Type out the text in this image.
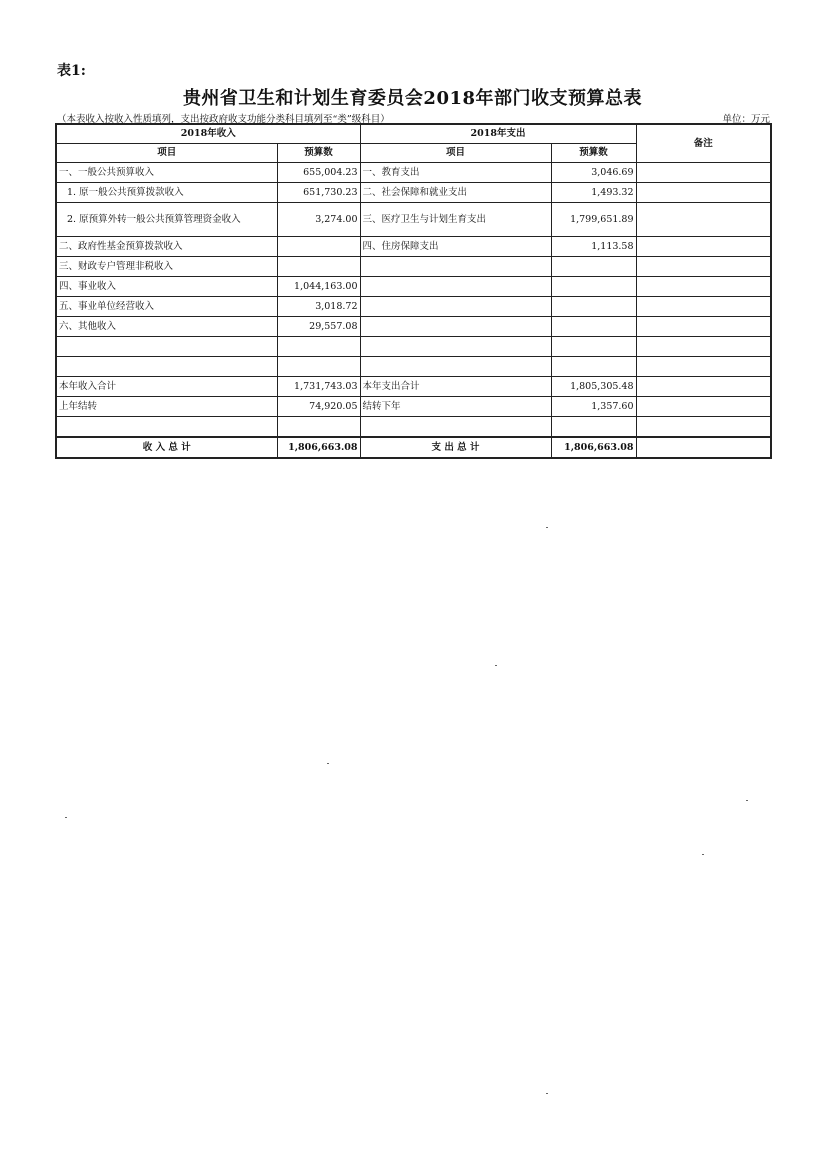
表1:
贵州省卫生和计划生育委员会2018年部门收支预算总表
（本表收入按收入性质填列，支出按政府收支功能分类科目填列至“类”级科目）	单位：万元
2018年收入		2018年支出		备注
项目	预算数	项目	预算数	
一、一般公共预算收入	655,004.23	一、教育支出	3,046.69	
1. 原一般公共预算拨款收入	651,730.23	二、社会保障和就业支出	1,493.32	
2. 原预算外转一般公共预算管理资金收入	3,274.00	三、医疗卫生与计划生育支出	1,799,651.89	
二、政府性基金预算拨款收入		四、住房保障支出	1,113.58	
三、财政专户管理非税收入				
四、事业收入	1,044,163.00			
五、事业单位经营收入	3,018.72			
六、其他收入	29,557.08			

本年收入合计	1,731,743.03	本年支出合计	1,805,305.48	
上年结转	74,920.05	结转下年	1,357.60	

收 入 总 计	1,806,663.08	支 出 总 计	1,806,663.08	
